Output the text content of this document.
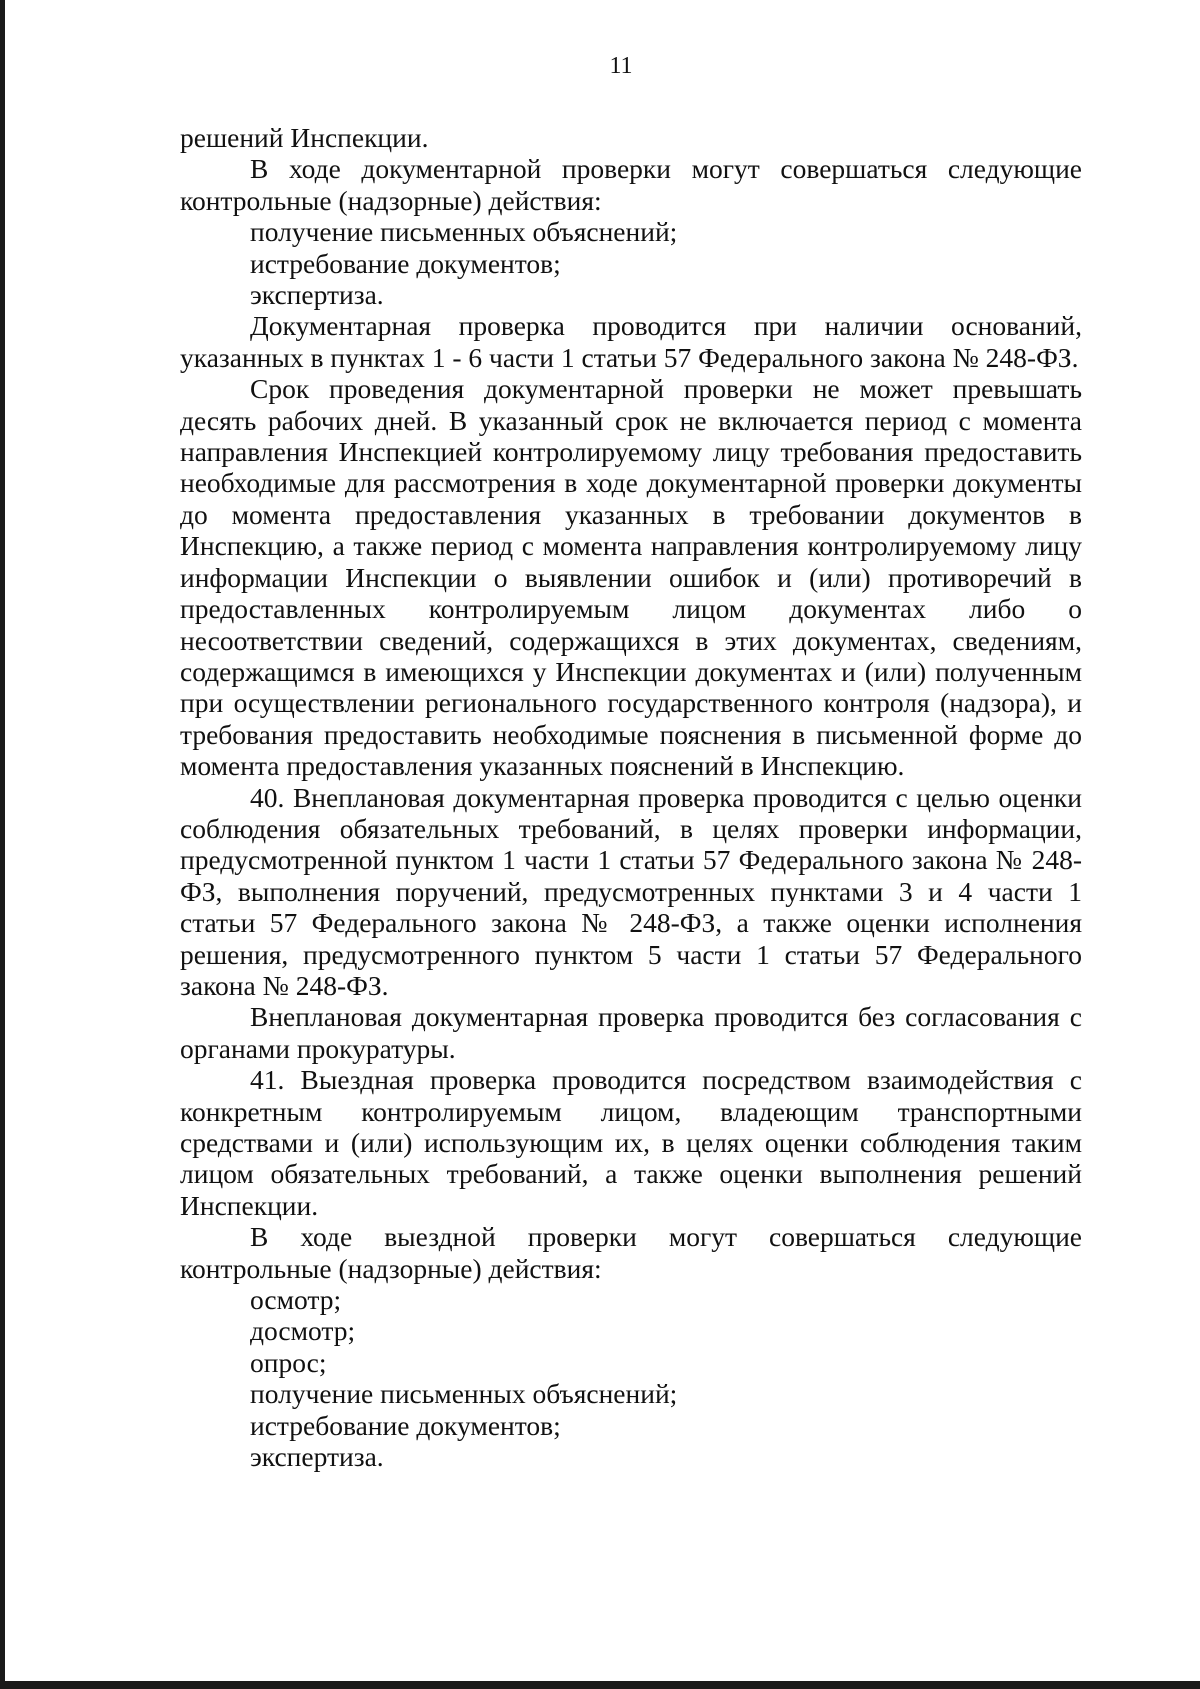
11

решений Инспекции.

В ходе документарной проверки могут совершаться следующие контрольные (надзорные) действия:

получение письменных объяснений;

истребование документов;

экспертиза.

Документарная проверка проводится при наличии оснований, указанных в пунктах 1 - 6 части 1 статьи 57 Федерального закона № 248-ФЗ.

Срок проведения документарной проверки не может превышать десять рабочих дней. В указанный срок не включается период с момента направления Инспекцией контролируемому лицу требования предоставить необходимые для рассмотрения в ходе документарной проверки документы до момента предоставления указанных в требовании документов в Инспекцию, а также период с момента направления контролируемому лицу информации Инспекции о выявлении ошибок и (или) противоречий в предоставленных контролируемым лицом документах либо о несоответствии сведений, содержащихся в этих документах, сведениям, содержащимся в имеющихся у Инспекции документах и (или) полученным при осуществлении регионального государственного контроля (надзора), и требования предоставить необходимые пояснения в письменной форме до момента предоставления указанных пояснений в Инспекцию.

40. Внеплановая документарная проверка проводится с целью оценки соблюдения обязательных требований, в целях проверки информации, предусмотренной пунктом 1 части 1 статьи 57 Федерального закона № 248-ФЗ, выполнения поручений, предусмотренных пунктами 3 и 4 части 1 статьи 57 Федерального закона № 248-ФЗ, а также оценки исполнения решения, предусмотренного пунктом 5 части 1 статьи 57 Федерального закона № 248-ФЗ.

Внеплановая документарная проверка проводится без согласования с органами прокуратуры.

41. Выездная проверка проводится посредством взаимодействия с конкретным контролируемым лицом, владеющим транспортными средствами и (или) использующим их, в целях оценки соблюдения таким лицом обязательных требований, а также оценки выполнения решений Инспекции.

В ходе выездной проверки могут совершаться следующие контрольные (надзорные) действия:

осмотр;

досмотр;

опрос;

получение письменных объяснений;

истребование документов;

экспертиза.
